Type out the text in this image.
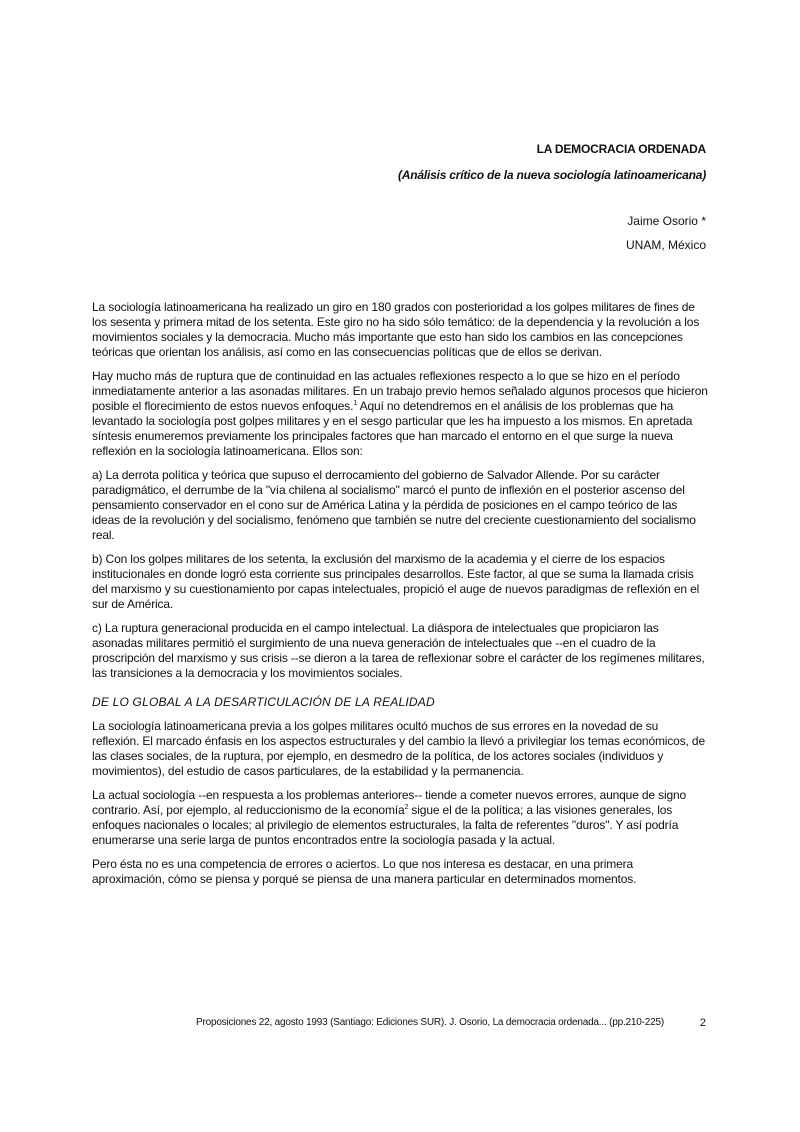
LA DEMOCRACIA ORDENADA

(Análisis crítico de la nueva sociología latinoamericana)

Jaime Osorio *

UNAM, México

La sociología latinoamericana ha realizado un giro en 180 grados con posterioridad a los golpes militares de fines de los sesenta y primera mitad de los setenta. Este giro no ha sido sólo temático: de la dependencia y la revolución a los movimientos sociales y la democracia. Mucho más importante que esto han sido los cambios en las concepciones teóricas que orientan los análisis, así como en las consecuencias políticas que de ellos se derivan.

Hay mucho más de ruptura que de continuidad en las actuales reflexiones respecto a lo que se hizo en el período inmediatamente anterior a las asonadas militares. En un trabajo previo hemos señalado algunos procesos que hicieron posible el florecimiento de estos nuevos enfoques.$^1$ Aquí no detendremos en el análisis de los problemas que ha levantado la sociología post golpes militares y en el sesgo particular que les ha impuesto a los mismos. En apretada síntesis enumeremos previamente los principales factores que han marcado el entorno en el que surge la nueva reflexión en la sociología latinoamericana. Ellos son:

a) La derrota política y teórica que supuso el derrocamiento del gobierno de Salvador Allende. Por su carácter paradigmático, el derrumbe de la "vía chilena al socialismo" marcó el punto de inflexión en el posterior ascenso del pensamiento conservador en el cono sur de América Latina y la pérdida de posiciones en el campo teórico de las ideas de la revolución y del socialismo, fenómeno que también se nutre del creciente cuestionamiento del socialismo real.

b) Con los golpes militares de los setenta, la exclusión del marxismo de la academia y el cierre de los espacios institucionales en donde logró esta corriente sus principales desarrollos. Este factor, al que se suma la llamada crisis del marxismo y su cuestionamiento por capas intelectuales, propició el auge de nuevos paradigmas de reflexión en el sur de América.

c) La ruptura generacional producida en el campo intelectual. La diáspora de intelectuales que propiciaron las asonadas militares permitió el surgimiento de una nueva generación de intelectuales que --en el cuadro de la proscripción del marxismo y sus crisis --se dieron a la tarea de reflexionar sobre el carácter de los regímenes militares, las transiciones a la democracia y los movimientos sociales.

DE LO GLOBAL A LA DESARTICULACIÓN DE LA REALIDAD

La sociología latinoamericana previa a los golpes militares ocultó muchos de sus errores en la novedad de su reflexión. El marcado énfasis en los aspectos estructurales y del cambio la llevó a privilegiar los temas económicos, de las clases sociales, de la ruptura, por ejemplo, en desmedro de la política, de los actores sociales (individuos y movimientos), del estudio de casos particulares, de la estabilidad y la permanencia.

La actual sociología --en respuesta a los problemas anteriores-- tiende a cometer nuevos errores, aunque de signo contrario. Así, por ejemplo, al reduccionismo de la economía$^2$ sigue el de la política; a las visiones generales, los enfoques nacionales o locales; al privilegio de elementos estructurales, la falta de referentes "duros". Y así podría enumerarse una serie larga de puntos encontrados entre la sociología pasada y la actual.

Pero ésta no es una competencia de errores o aciertos. Lo que nos interesa es destacar, en una primera aproximación, cómo se piensa y porqué se piensa de una manera particular en determinados momentos.

Proposiciones 22, agosto 1993 (Santiago: Ediciones SUR). J. Osorio, La democracia ordenada... (pp.210-225)	2
